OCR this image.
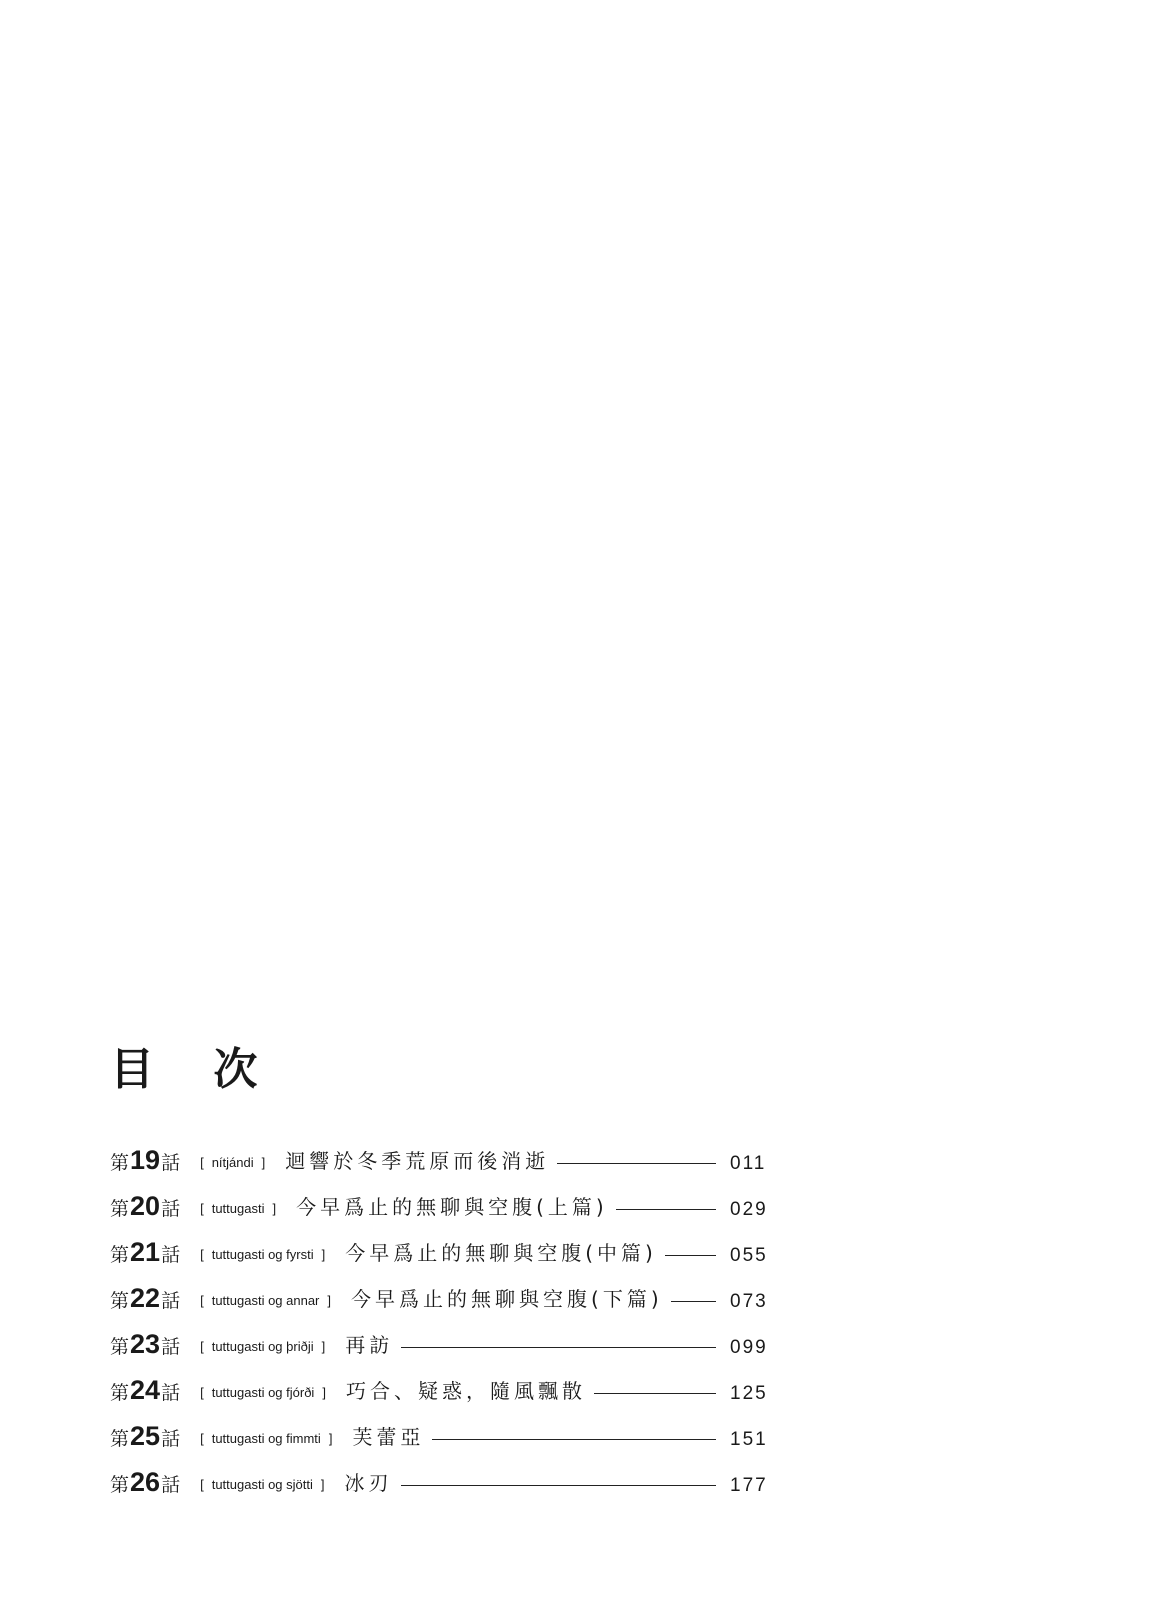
目 次
第 19 話	[ nítjándi ]	迴響於冬季荒原而後消逝	011
第 20 話	[ tuttugasti ]	今早爲止的無聊與空腹(上篇)	029
第 21 話	[ tuttugasti og fyrsti ]	今早爲止的無聊與空腹(中篇)	055
第 22 話	[ tuttugasti og annar ]	今早爲止的無聊與空腹(下篇)	073
第 23 話	[ tuttugasti og þriðji ]	再訪	099
第 24 話	[ tuttugasti og fjórði ]	巧合、疑惑，隨風飄散	125
第 25 話	[ tuttugasti og fimmti ]	芙蕾亞	151
第 26 話	[ tuttugasti og sjötti ]	冰刃	177
